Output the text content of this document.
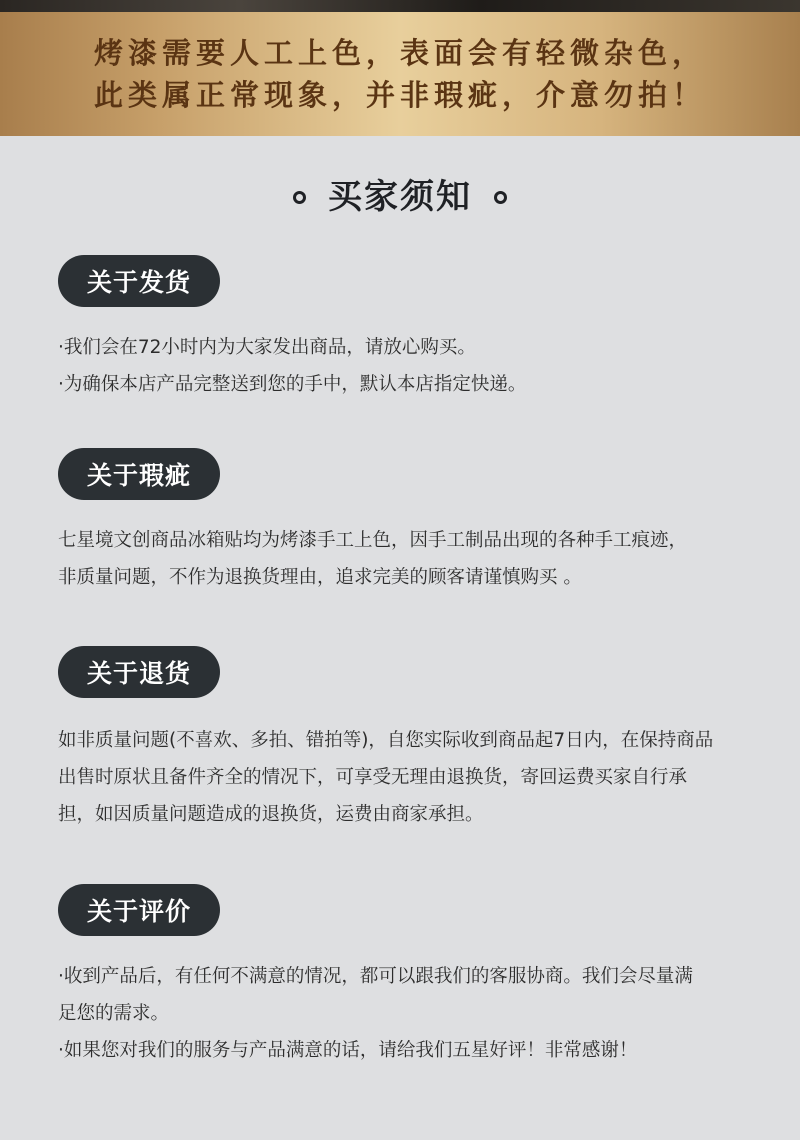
烤漆需要人工上色，表面会有轻微杂色，
此类属正常现象，并非瑕疵，介意勿拍！
买家须知
关于发货

·我们会在72小时内为大家发出商品，请放心购买。

·为确保本店产品完整送到您的手中，默认本店指定快递。

关于瑕疵

七星境文创商品冰箱贴均为烤漆手工上色，因手工制品出现的各种手工痕迹，

非质量问题，不作为退换货理由，追求完美的顾客请谨慎购买 。

关于退货

如非质量问题(不喜欢、多拍、错拍等)，自您实际收到商品起7日内，在保持商品

出售时原状且备件齐全的情况下，可享受无理由退换货，寄回运费买家自行承

担，如因质量问题造成的退换货，运费由商家承担。

关于评价

·收到产品后，有任何不满意的情况，都可以跟我们的客服协商。我们会尽量满

足您的需求。

·如果您对我们的服务与产品满意的话，请给我们五星好评！非常感谢！
